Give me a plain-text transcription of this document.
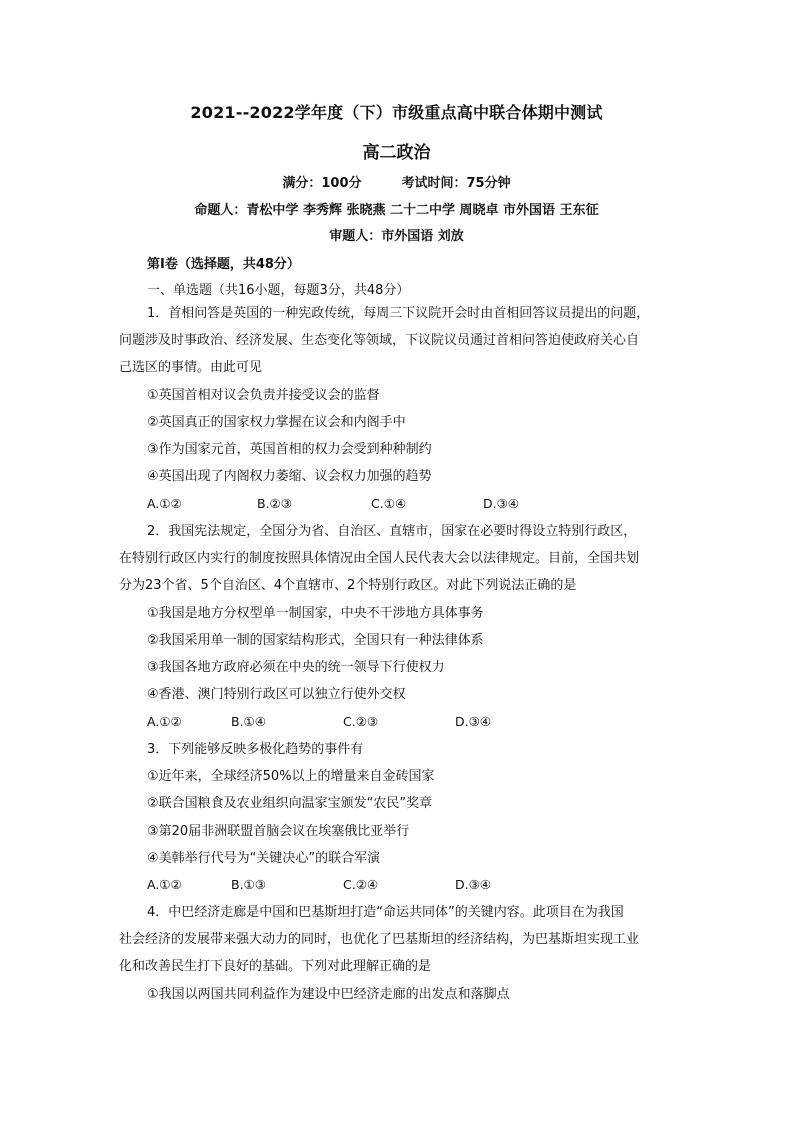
2021--2022学年度（下）市级重点高中联合体期中测试
高二政治
满分：100分	考试时间：75分钟
命题人：青松中学 李秀辉 张晓燕 二十二中学 周晓卓 市外国语 王东征
审题人：市外国语 刘放
第Ⅰ卷（选择题，共48分）
一、单选题（共16小题，每题3分，共48分）
1．首相问答是英国的一种宪政传统，每周三下议院开会时由首相回答议员提出的问题，
问题涉及时事政治、经济发展、生态变化等领域，下议院议员通过首相问答迫使政府关心自
己选区的事情。由此可见
①英国首相对议会负责并接受议会的监督
②英国真正的国家权力掌握在议会和内阁手中
③作为国家元首，英国首相的权力会受到种种制约
④英国出现了内阁权力萎缩、议会权力加强的趋势
A.①②	B.②③	C.①④	D.③④
2．我国宪法规定，全国分为省、自治区、直辖市，国家在必要时得设立特别行政区，
在特别行政区内实行的制度按照具体情况由全国人民代表大会以法律规定。目前，全国共划
分为23个省、5个自治区、4个直辖市、2个特别行政区。对此下列说法正确的是
①我国是地方分权型单一制国家，中央不干涉地方具体事务
②我国采用单一制的国家结构形式，全国只有一种法律体系
③我国各地方政府必须在中央的统一领导下行使权力
④香港、澳门特别行政区可以独立行使外交权
A.①②	B.①④	C.②③	D.③④
3．下列能够反映多极化趋势的事件有
①近年来，全球经济50%以上的增量来自金砖国家
②联合国粮食及农业组织向温家宝颁发“农民”奖章
③第20届非洲联盟首脑会议在埃塞俄比亚举行
④美韩举行代号为“关键决心”的联合军演
A.①②	B.①③	C.②④	D.③④
4．中巴经济走廊是中国和巴基斯坦打造“命运共同体”的关键内容。此项目在为我国
社会经济的发展带来强大动力的同时，也优化了巴基斯坦的经济结构，为巴基斯坦实现工业
化和改善民生打下良好的基础。下列对此理解正确的是
①我国以两国共同利益作为建设中巴经济走廊的出发点和落脚点
